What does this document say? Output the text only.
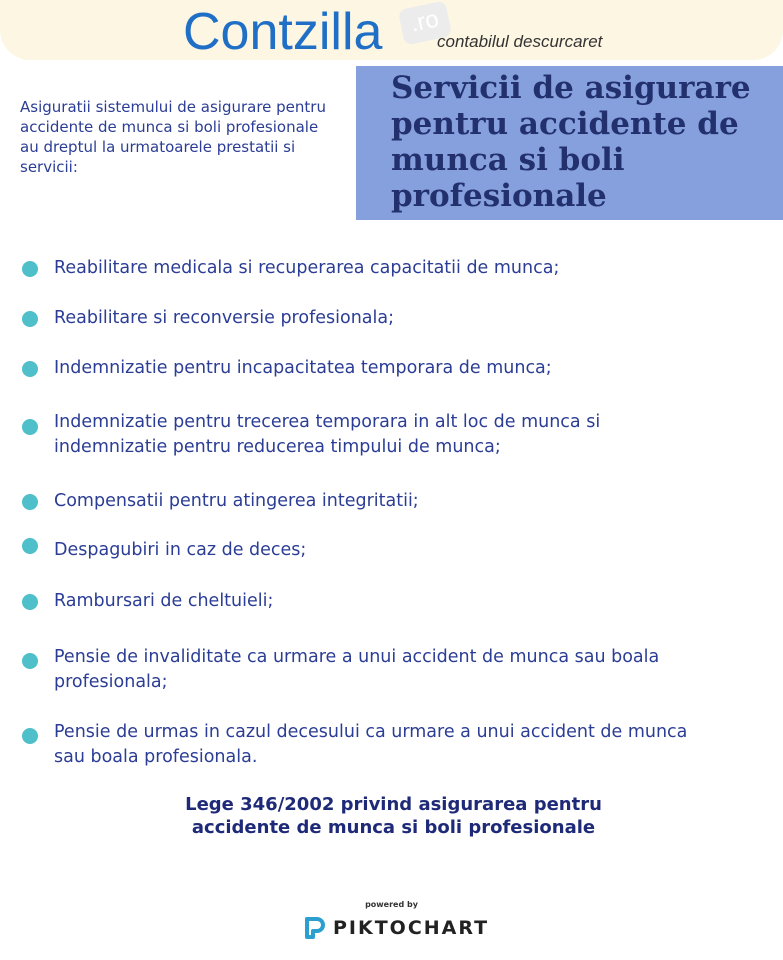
Contzilla	.ro
contabilul descurcaret
Asiguratii sistemului de asigurare pentru accidente de munca si boli profesionale au dreptul la urmatoarele prestatii si servicii:
Servicii de asigurare pentru accidente de munca si boli profesionale
Reabilitare medicala si recuperarea capacitatii de munca;
Reabilitare si reconversie profesionala;
Indemnizatie pentru incapacitatea temporara de munca;
Indemnizatie pentru trecerea temporara in alt loc de munca si indemnizatie pentru reducerea timpului de munca;
Compensatii pentru atingerea integritatii;
Despagubiri in caz de deces;
Rambursari de cheltuieli;
Pensie de invaliditate ca urmare a unui accident de munca sau boala profesionala;
Pensie de urmas in cazul decesului ca urmare a unui accident de munca sau boala profesionala.
Lege 346/2002 privind asigurarea pentru accidente de munca si boli profesionale
powered by
PIKTOCHART
